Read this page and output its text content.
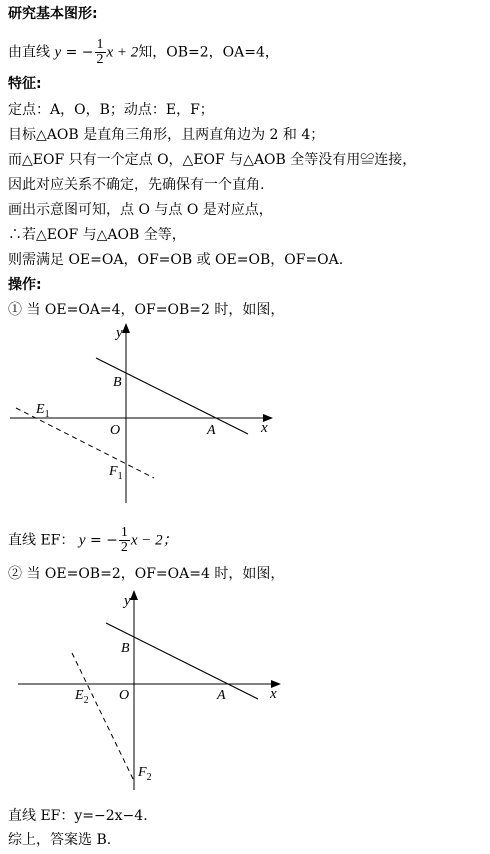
研究基本图形:
由直线 y = − $\frac{1}{2}$ x + 2知，OB=2，OA=4，
特征:
定点：A，O，B；动点：E，F；
目标△AOB 是直角三角形，且两直角边为 2 和 4；
而△EOF 只有一个定点 O，△EOF 与△AOB 全等没有用≌连接，
因此对应关系不确定，先确保有一个直角.
画出示意图可知，点 O 与点 O 是对应点，
∴若△EOF 与△AOB 全等，
则需满足 OE=OA，OF=OB 或 OE=OB，OF=OA.
操作:
① 当 OE=OA=4，OF=OB=2 时，如图，
y
x
B
O	A
$E_1$
$F_1$
直线 EF： y = − $\frac{1}{2}$ x − 2；
② 当 OE=OB=2，OF=OA=4 时，如图，
y
x
B
O	A
$E_2$
$F_2$
直线 EF：y=−2x−4.
综上，答案选 B.
